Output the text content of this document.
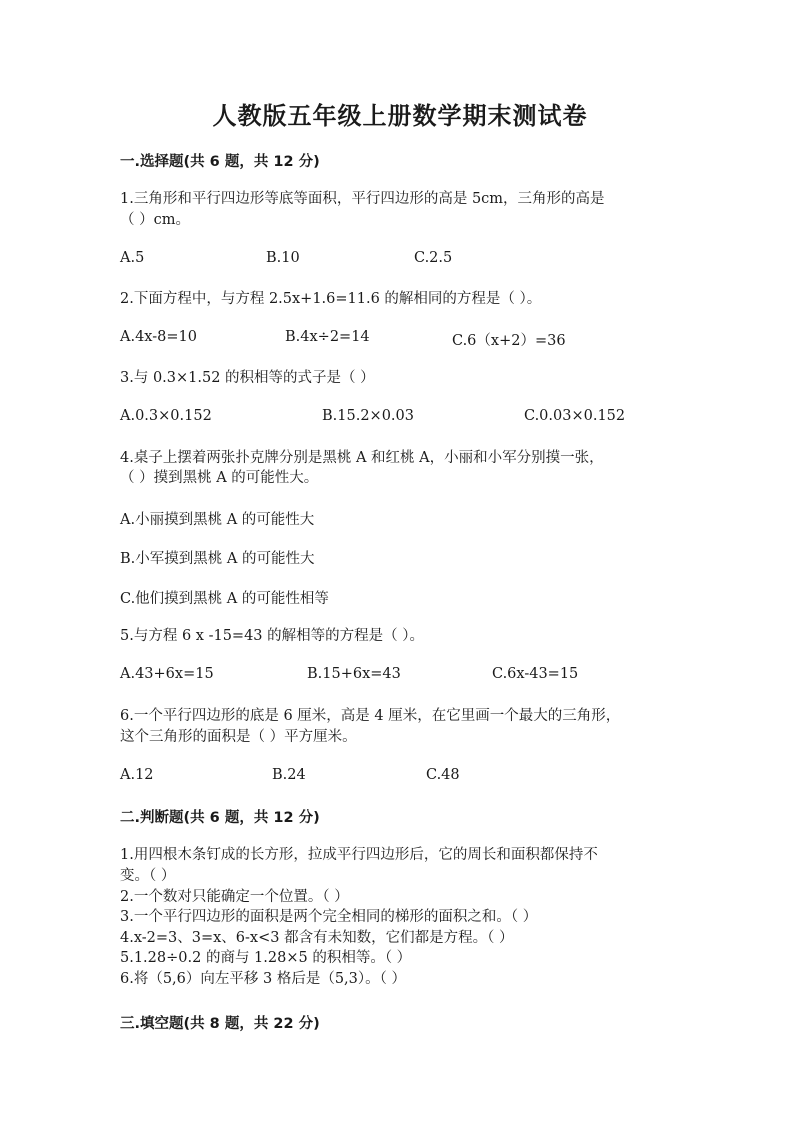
人教版五年级上册数学期末测试卷
一.选择题(共 6 题，共 12 分)
1.三角形和平行四边形等底等面积，平行四边形的高是 5cm，三角形的高是
（ ）cm。
A.5	B.10	C.2.5
2.下面方程中，与方程 2.5x+1.6=11.6 的解相同的方程是（ ）。
A.4x-8=10	B.4x÷2=14	C.6（x+2）=36
3.与 0.3×1.52 的积相等的式子是（ ）
A.0.3×0.152	B.15.2×0.03	C.0.03×0.152
4.桌子上摆着两张扑克牌分别是黑桃 A 和红桃 A，小丽和小军分别摸一张，
（ ）摸到黑桃 A 的可能性大。
A.小丽摸到黑桃 A 的可能性大
B.小军摸到黑桃 A 的可能性大
C.他们摸到黑桃 A 的可能性相等
5.与方程 6 x -15=43 的解相等的方程是（ ）。
A.43+6x=15	B.15+6x=43	C.6x-43=15
6.一个平行四边形的底是 6 厘米，高是 4 厘米，在它里画一个最大的三角形，
这个三角形的面积是（ ）平方厘米。
A.12	B.24	C.48
二.判断题(共 6 题，共 12 分)
1.用四根木条钉成的长方形，拉成平行四边形后，它的周长和面积都保持不
变。（ ）
2.一个数对只能确定一个位置。（ ）
3.一个平行四边形的面积是两个完全相同的梯形的面积之和。（ ）
4.x-2=3、3=x、6-x<3 都含有未知数，它们都是方程。（ ）
5.1.28÷0.2 的商与 1.28×5 的积相等。（ ）
6.将（5,6）向左平移 3 格后是（5,3）。（ ）
三.填空题(共 8 题，共 22 分)
